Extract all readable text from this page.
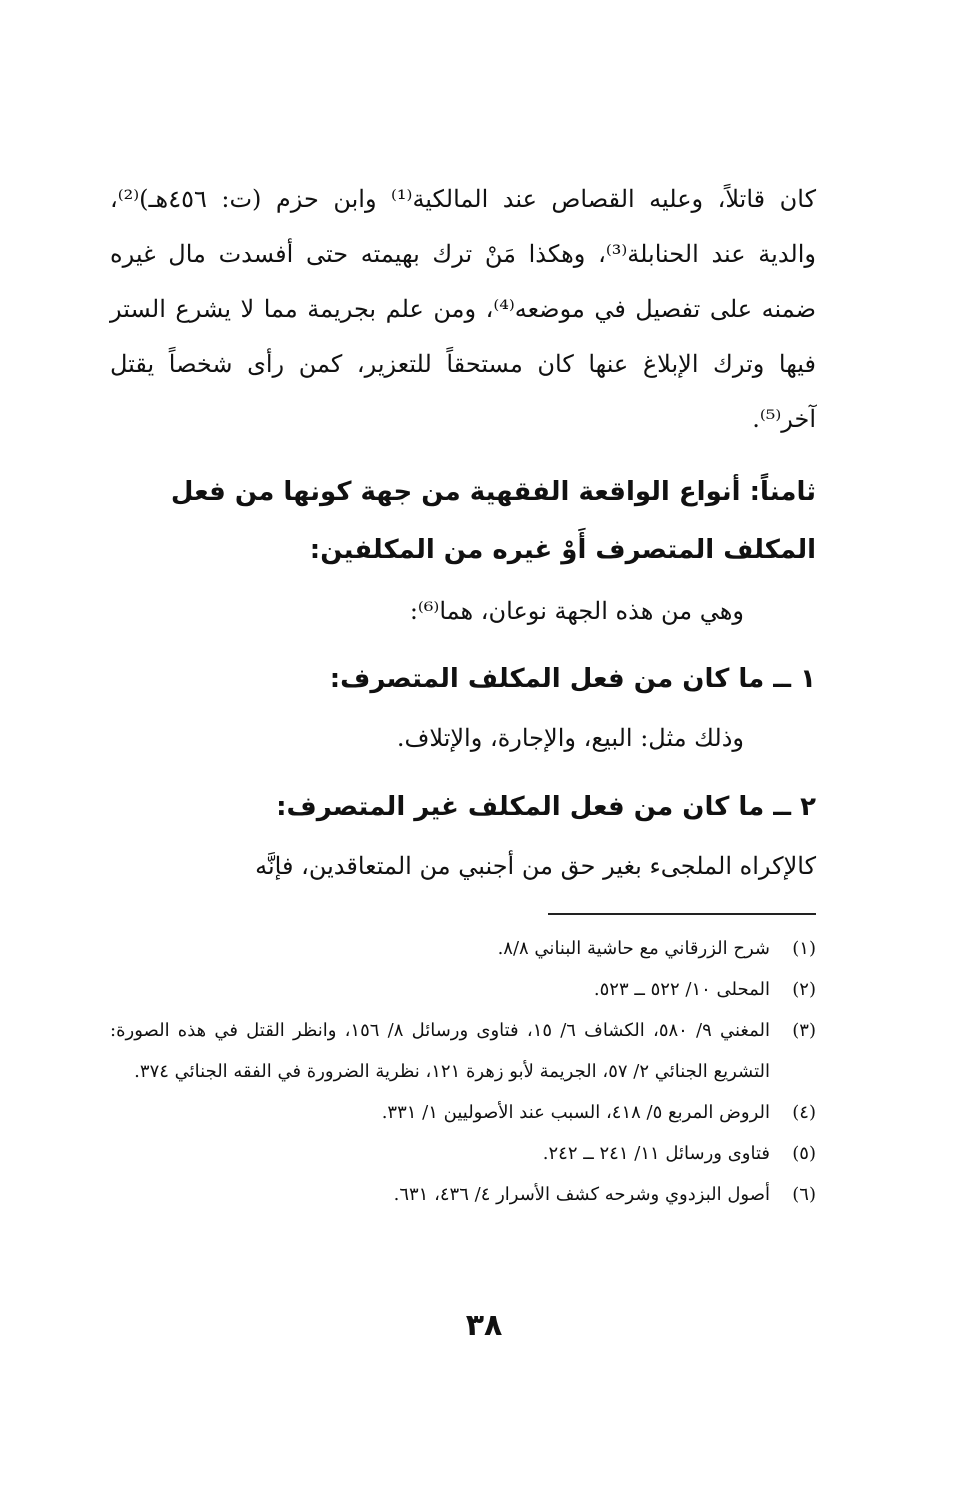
كان قاتلاً، وعليه القصاص عند المالكية⁽¹⁾ وابن حزم (ت: ٤٥٦هـ)⁽²⁾، والدية عند الحنابلة⁽³⁾، وهكذا مَنْ ترك بهيمته حتى أفسدت مال غيره ضمنه على تفصيل في موضعه⁽⁴⁾، ومن علم بجريمة مما لا يشرع الستر فيها وترك الإبلاغ عنها كان مستحقاً للتعزير، كمن رأى شخصاً يقتل آخر⁽⁵⁾.

ثامناً: أنواع الواقعة الفقهية من جهة كونها من فعل المكلف المتصرف أَوْ غيره من المكلفين:

وهي من هذه الجهة نوعان، هما⁽⁶⁾:

١ ــ ما كان من فعل المكلف المتصرف:

وذلك مثل: البيع، والإجارة، والإتلاف.

٢ ــ ما كان من فعل المكلف غير المتصرف:

كالإكراه الملجىء بغير حق من أجنبي من المتعاقدين، فإنَّه

(١)
شرح الزرقاني مع حاشية البناني ٨/٨.
(٢)
المحلى ١٠/ ٥٢٢ ــ ٥٢٣.
(٣)
المغني ٩/ ٥٨٠، الكشاف ٦/ ١٥، فتاوى ورسائل ٨/ ١٥٦، وانظر القتل في هذه الصورة: التشريع الجنائي ٢/ ٥٧، الجريمة لأبو زهرة ١٢١، نظرية الضرورة في الفقه الجنائي ٣٧٤.
(٤)
الروض المربع ٥/ ٤١٨، السبب عند الأصوليين ١/ ٣٣١.
(٥)
فتاوى ورسائل ١١/ ٢٤١ ــ ٢٤٢.
(٦)
أصول البزدوي وشرحه كشف الأسرار ٤/ ٤٣٦، ٦٣١.
٣٨
